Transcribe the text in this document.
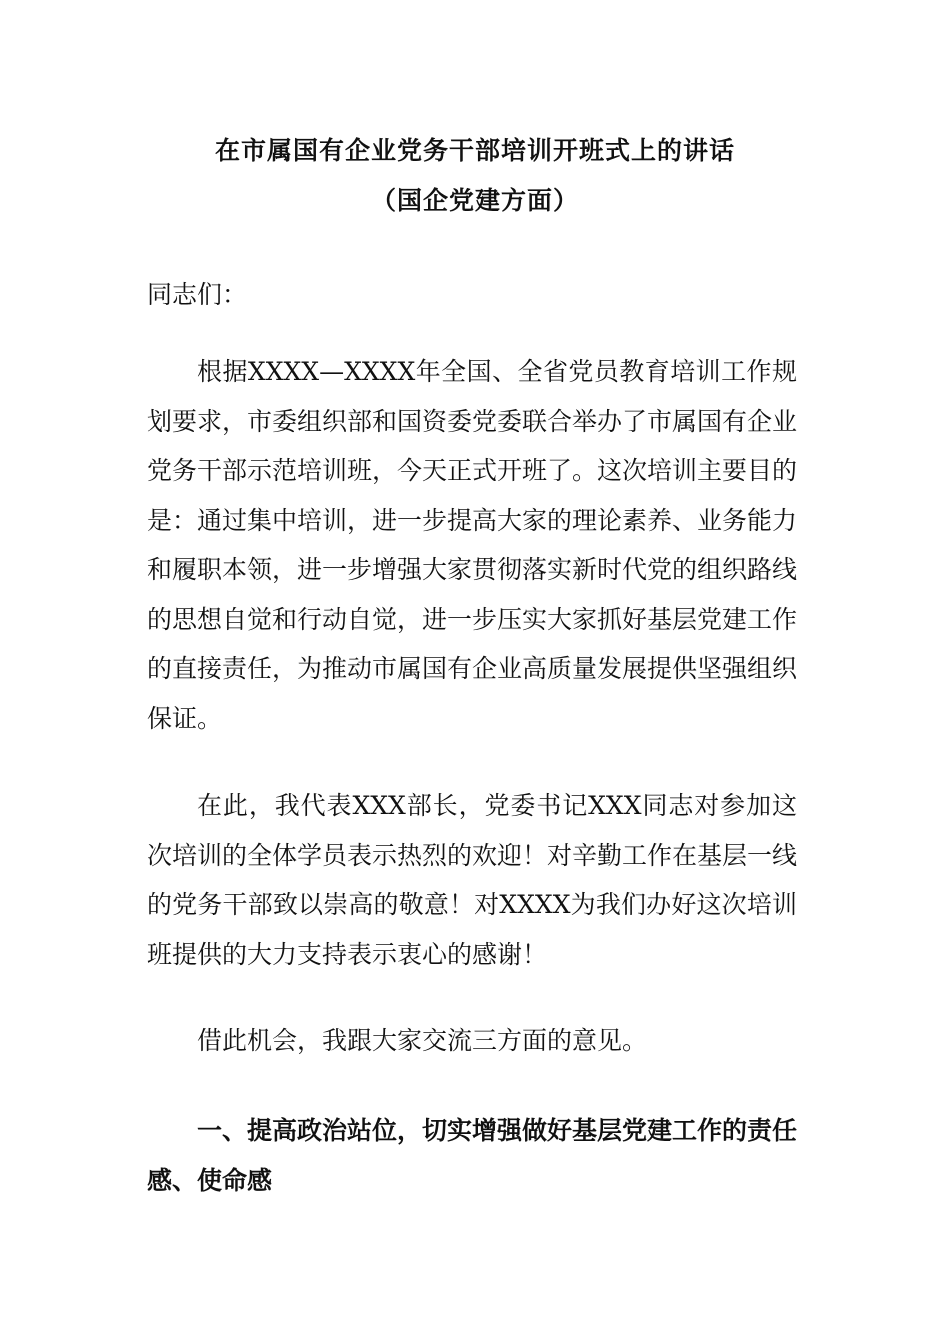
在市属国有企业党务干部培训开班式上的讲话
（国企党建方面）

同志们：

根据XXXX—XXXX年全国、全省党员教育培训工作规划要求，市委组织部和国资委党委联合举办了市属国有企业党务干部示范培训班，今天正式开班了。这次培训主要目的是：通过集中培训，进一步提高大家的理论素养、业务能力和履职本领，进一步增强大家贯彻落实新时代党的组织路线的思想自觉和行动自觉，进一步压实大家抓好基层党建工作的直接责任，为推动市属国有企业高质量发展提供坚强组织保证。

在此，我代表XXX部长，党委书记XXX同志对参加这次培训的全体学员表示热烈的欢迎！对辛勤工作在基层一线的党务干部致以崇高的敬意！对XXXX为我们办好这次培训班提供的大力支持表示衷心的感谢！

借此机会，我跟大家交流三方面的意见。

一、提高政治站位，切实增强做好基层党建工作的责任感、使命感
